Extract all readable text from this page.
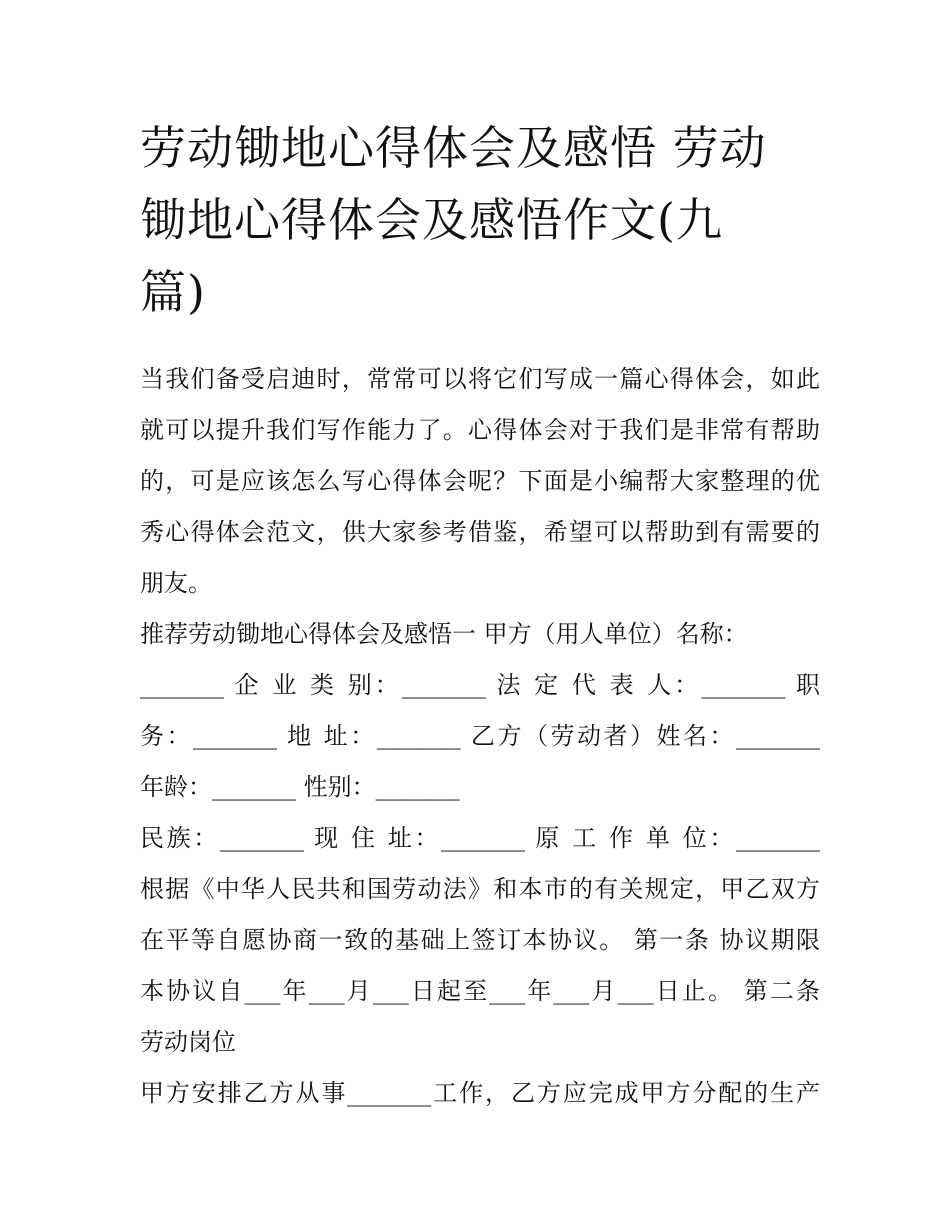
劳动锄地心得体会及感悟 劳动
锄地心得体会及感悟作文(九
篇)

当我们备受启迪时，常常可以将它们写成一篇心得体会，如此

就可以提升我们写作能力了。心得体会对于我们是非常有帮助

的，可是应该怎么写心得体会呢？下面是小编帮大家整理的优

秀心得体会范文，供大家参考借鉴，希望可以帮助到有需要的

朋友。

推荐劳动锄地心得体会及感悟一 甲方（用人单位）名称：

_______ 企 业 类 别：_______ 法 定 代 表 人：_______ 职

务：_______ 地 址：_______ 乙方（劳动者）姓名：_______

年龄：_______ 性别：_______

民族：_______ 现 住 址：_______ 原 工 作 单 位：_______

根据《中华人民共和国劳动法》和本市的有关规定，甲乙双方

在平等自愿协商一致的基础上签订本协议。 第一条 协议期限

本协议自___年___月___日起至___年___月___日止。 第二条

劳动岗位

甲方安排乙方从事_______工作，乙方应完成甲方分配的生产
